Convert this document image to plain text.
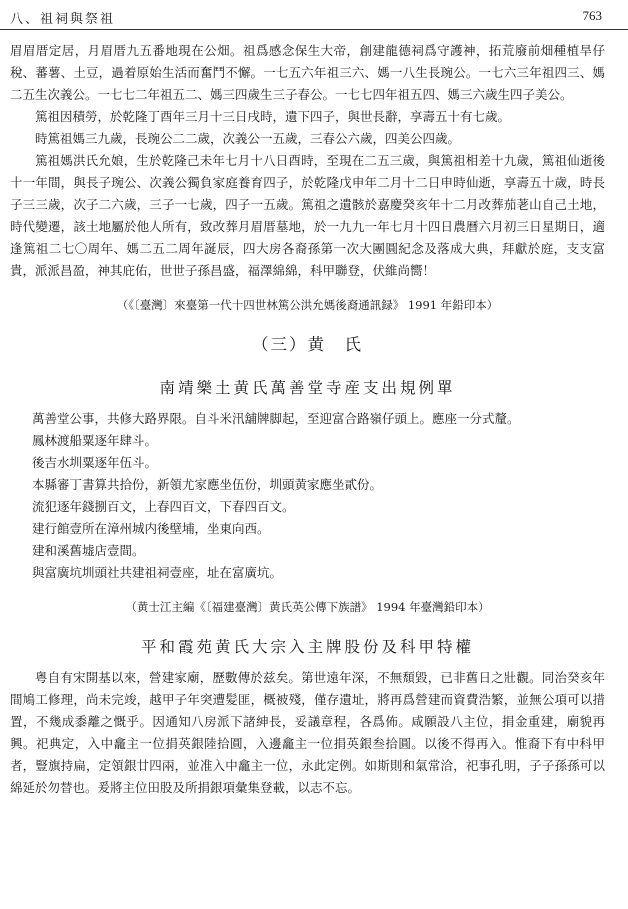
八、祖祠與祭祖	763

眉眉厝定居，月眉厝九五番地現在公畑。祖爲感念保生大帝，創建龍德祠爲守護神，拓荒廢前畑種植旱仔稅、蕃薯、土豆，過着原始生活而奮鬥不懈。一七五六年祖三六、媽一八生長琬公。一七六三年祖四三、媽二五生次義公。一七七二年祖五二、媽三四歲生三子春公。一七七四年祖五四、媽三六歲生四子美公。

篤祖因積勞，於乾隆丁酉年三月十三日戌時，遺下四子，與世長辭，享壽五十有七歲。

時篤祖媽三九歲，長琬公二二歲，次義公一五歲，三春公六歲，四美公四歲。

篤祖媽洪氏允娘，生於乾隆己未年七月十八日酉時，至現在二五三歲，與篤祖相差十九歲，篤祖仙逝後十一年間，與長子琬公、次義公獨負家庭養育四子，於乾隆戊申年二月十二日申時仙逝，享壽五十歲，時長子三三歲，次子二六歲，三子一七歲，四子一五歲。篤祖之遺骸於嘉慶癸亥年十二月改葬茄荖山自己土地，時代變遷，該土地屬於他人所有，致改葬月眉厝墓地，於一九九一年七月十四日農曆六月初三日星期日，適逢篤祖二七〇周年、媽二五二周年誕辰，四大房各裔孫第一次大團圓紀念及落成大典，拜獻於庭，支支富貴，派派昌盈，神其庇佑，世世子孫昌盛，福澤綿綿，科甲聯登，伏維尚嚮！

（《〔臺灣〕來臺第一代十四世林篤公洪允媽後裔通訊録》 1991 年鉛印本）
（三）黄　氏
南靖樂土黄氏萬善堂寺産支出規例單
萬善堂公事，共修大路界限。自斗米汛舖牌脚起，至迎富合路嶺仔頭上。應座一分式釐。
鳳林渡船粟逐年肆斗。
後吉水圳粟逐年伍斗。
本縣審丁書算共拾份，新領尤家應坐伍份，圳頭黄家應坐貳份。
流犯逐年錢捌百文，上春四百文，下春四百文。
建行館壹所在漳州城内後壁埔，坐東向西。
建和溪舊墟店壹間。
與富廣坑圳頭社共建祖祠壹座，址在富廣坑。
（黄士江主編《〔福建臺灣〕黄氏英公傳下族譜》 1994 年臺灣鉛印本）
平和霞苑黄氏大宗入主牌股份及科甲特權

粤自有宋開基以來，營建家廟，歷數傳於兹矣。第世遠年深，不無頹毀，已非舊日之壯觀。同治癸亥年間鳩工修理，尚未完竣，越甲子年突遭髪匪，概被殘，僅存遺址，將再爲營建而資費浩繁，並無公項可以措置，不幾成黍離之慨乎。因通知八房派下諸紳長，妥議章程，各爲佈。咸願設八主位，捐金重建，廟貌再興。祀典定，入中龕主一位捐英銀陸拾圓，入邊龕主一位捐英銀叁拾圓。以後不得再入。惟裔下有中科甲者，豎旗持扁，定領銀廿四兩，並准入中龕主一位，永此定例。如斯則和氣常洽，祀事孔明，子子孫孫可以綿延於勿替也。爰將主位田股及所捐銀項彙集登載，以志不忘。
